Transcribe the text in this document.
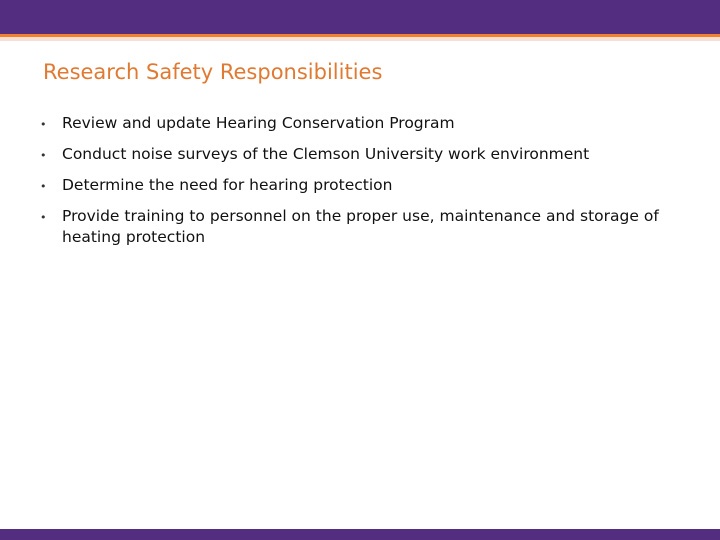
Research Safety Responsibilities
• Review and update Hearing Conservation Program
• Conduct noise surveys of the Clemson University work environment
• Determine the need for hearing protection
• Provide training to personnel on the proper use, maintenance and storage of heating protection
